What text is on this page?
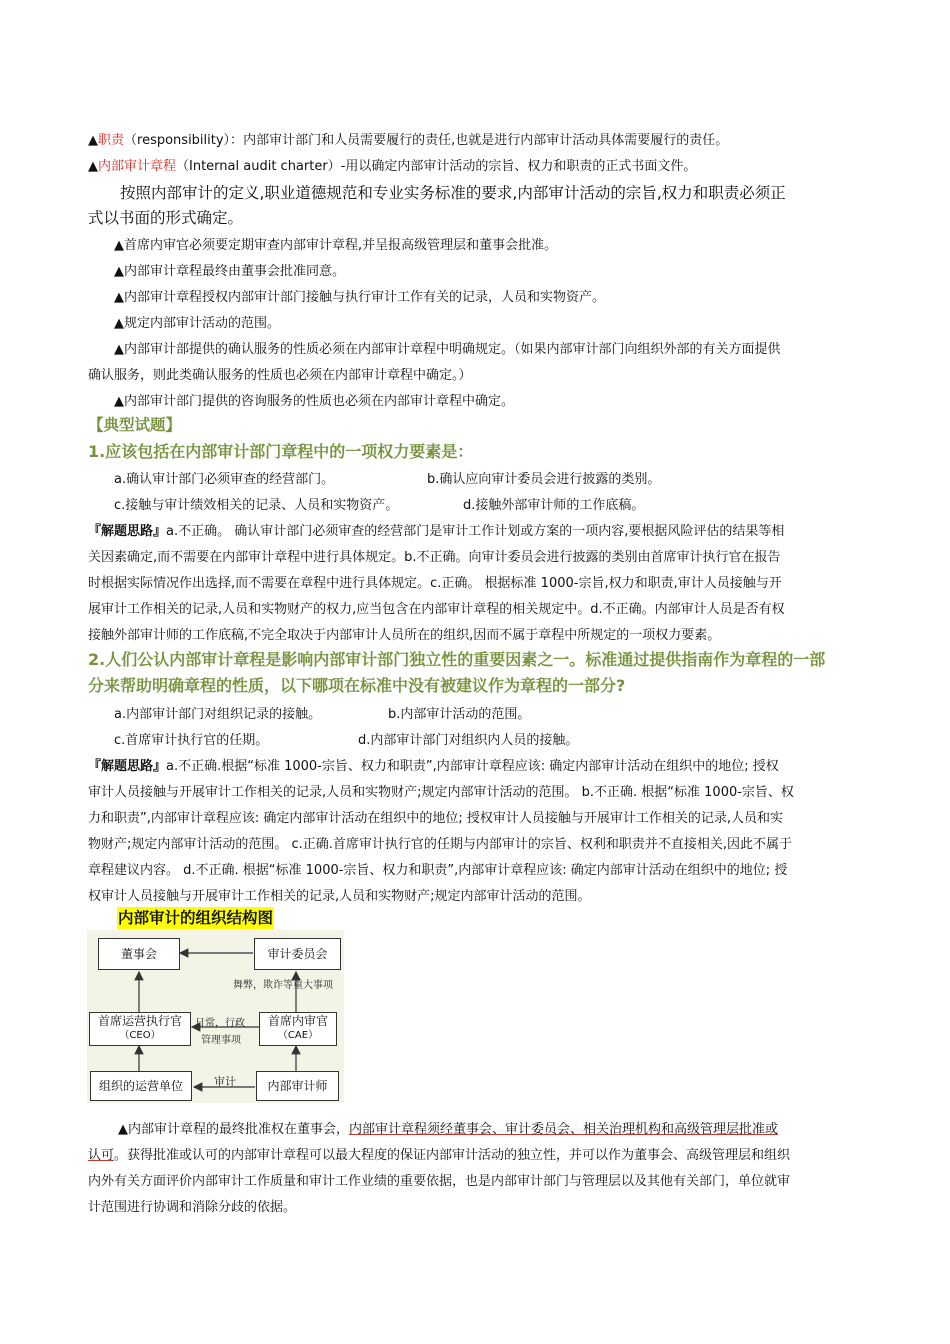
▲职责（responsibility）：内部审计部门和人员需要履行的责任,也就是进行内部审计活动具体需要履行的责任。
▲内部审计章程（Internal audit charter）-用以确定内部审计活动的宗旨、权力和职责的正式书面文件。
按照内部审计的定义,职业道德规范和专业实务标准的要求,内部审计活动的宗旨,权力和职责必须正
式以书面的形式确定。
▲首席内审官必须要定期审查内部审计章程,并呈报高级管理层和董事会批准。
▲内部审计章程最终由董事会批准同意。
▲内部审计章程授权内部审计部门接触与执行审计工作有关的记录，人员和实物资产。
▲规定内部审计活动的范围。
▲内部审计部提供的确认服务的性质必须在内部审计章程中明确规定。（如果内部审计部门向组织外部的有关方面提供
确认服务，则此类确认服务的性质也必须在内部审计章程中确定。）
▲内部审计部门提供的咨询服务的性质也必须在内部审计章程中确定。
【典型试题】
1.应该包括在内部审计部门章程中的一项权力要素是：
a.确认审计部门必须审查的经营部门。	b.确认应向审计委员会进行披露的类别。
c.接触与审计绩效相关的记录、人员和实物资产。	d.接触外部审计师的工作底稿。
『解题思路』a.不正确。 确认审计部门必须审查的经营部门是审计工作计划或方案的一项内容,要根据风险评估的结果等相
关因素确定,而不需要在内部审计章程中进行具体规定。b.不正确。向审计委员会进行披露的类别由首席审计执行官在报告
时根据实际情况作出选择,而不需要在章程中进行具体规定。c.正确。 根据标准 1000-宗旨,权力和职责,审计人员接触与开
展审计工作相关的记录,人员和实物财产的权力,应当包含在内部审计章程的相关规定中。d.不正确。内部审计人员是否有权
接触外部审计师的工作底稿,不完全取决于内部审计人员所在的组织,因而不属于章程中所规定的一项权力要素。
2.人们公认内部审计章程是影响内部审计部门独立性的重要因素之一。标准通过提供指南作为章程的一部
分来帮助明确章程的性质，以下哪项在标准中没有被建议作为章程的一部分?
a.内部审计部门对组织记录的接触。	b.内部审计活动的范围。
c.首席审计执行官的任期。	d.内部审计部门对组织内人员的接触。
『解题思路』a.不正确.根据“标准 1000-宗旨、权力和职责”,内部审计章程应该: 确定内部审计活动在组织中的地位; 授权
审计人员接触与开展审计工作相关的记录,人员和实物财产;规定内部审计活动的范围。 b.不正确. 根据“标准 1000-宗旨、权
力和职责”,内部审计章程应该: 确定内部审计活动在组织中的地位; 授权审计人员接触与开展审计工作相关的记录,人员和实
物财产;规定内部审计活动的范围。 c.正确.首席审计执行官的任期与内部审计的宗旨、权利和职责并不直接相关,因此不属于
章程建议内容。 d.不正确. 根据“标准 1000-宗旨、权力和职责”,内部审计章程应该: 确定内部审计活动在组织中的地位; 授
权审计人员接触与开展审计工作相关的记录,人员和实物财产;规定内部审计活动的范围。
内部审计的组织结构图
董事会	审计委员会
首席运营执行官
（CEO）
首席内审官
（CAE）
组织的运营单位	内部审计师
舞弊，欺诈等重大事项
日常，行政
管理事项
审计
▲内部审计章程的最终批准权在董事会，内部审计章程须经董事会、审计委员会、相关治理机构和高级管理层批准或
认可。获得批准或认可的内部审计章程可以最大程度的保证内部审计活动的独立性，并可以作为董事会、高级管理层和组织
内外有关方面评价内部审计工作质量和审计工作业绩的重要依据，也是内部审计部门与管理层以及其他有关部门，单位就审
计范围进行协调和消除分歧的依据。
